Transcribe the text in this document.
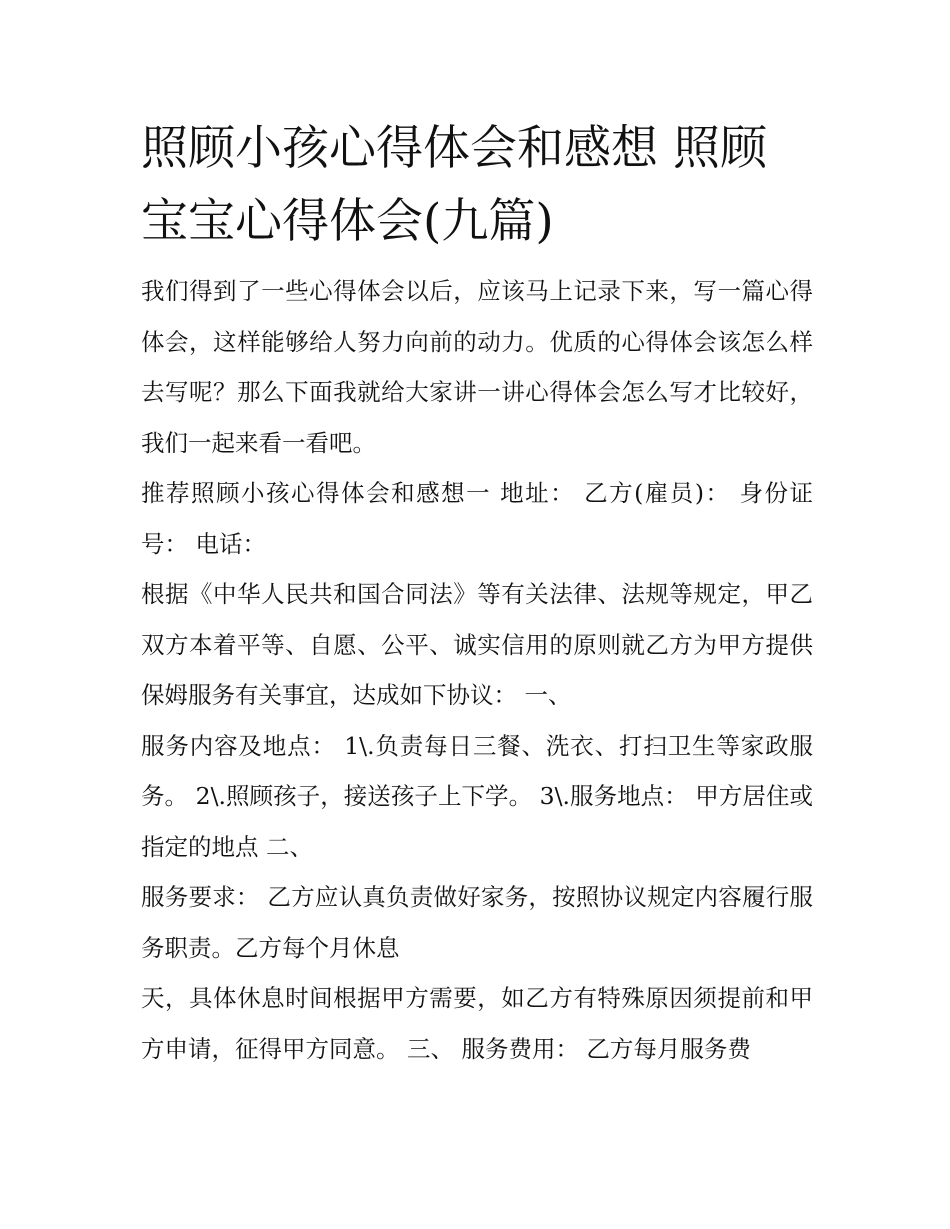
照顾小孩心得体会和感想 照顾宝宝心得体会(九篇)

我们得到了一些心得体会以后，应该马上记录下来，写一篇心得体会，这样能够给人努力向前的动力。优质的心得体会该怎么样去写呢？那么下面我就给大家讲一讲心得体会怎么写才比较好，我们一起来看一看吧。

推荐照顾小孩心得体会和感想一 地址： 乙方(雇员)： 身份证号： 电话：

根据《中华人民共和国合同法》等有关法律、法规等规定，甲乙双方本着平等、自愿、公平、诚实信用的原则就乙方为甲方提供保姆服务有关事宜，达成如下协议： 一、

服务内容及地点： 1\.负责每日三餐、洗衣、打扫卫生等家政服务。 2\.照顾孩子，接送孩子上下学。 3\.服务地点： 甲方居住或指定的地点 二、

服务要求： 乙方应认真负责做好家务，按照协议规定内容履行服务职责。乙方每个月休息

天，具体休息时间根据甲方需要，如乙方有特殊原因须提前和甲方申请，征得甲方同意。 三、 服务费用： 乙方每月服务费
